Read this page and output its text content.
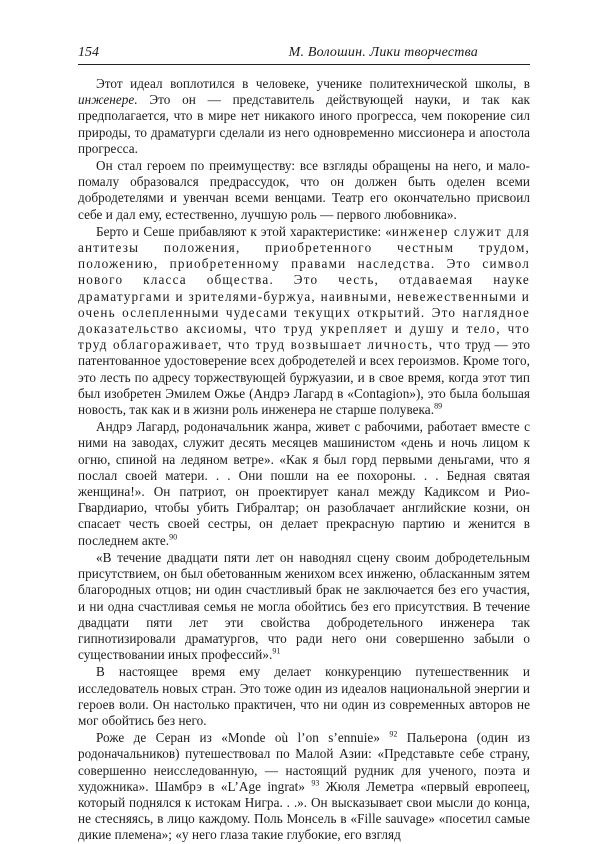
154	М. Волошин. Лики творчества

Этот идеал воплотился в человеке, ученике политехнической школы, в инженере. Это он — представитель действующей науки, и так как предполагается, что в мире нет никакого иного прогресса, чем покорение сил природы, то драматурги сделали из него одновременно миссионера и апостола прогресса.

Он стал героем по преимуществу: все взгляды обращены на него, и мало-помалу образовался предрассудок, что он должен быть оделен всеми добродетелями и увенчан всеми венцами. Театр его окончательно присвоил себе и дал ему, естественно, лучшую роль — первого любовника».

Берто и Сеше прибавляют к этой характеристике: «инженер служит для антитезы положения, приобретенного честным трудом, положению, приобретенному правами наследства. Это символ нового класса общества. Это честь, отдаваемая науке драматургами и зрителями-буржуа, наивными, невежественными и очень ослепленными чудесами текущих открытий. Это наглядное доказательство аксиомы, что труд укрепляет и душу и тело, что труд облагораживает, что труд возвышает личность, что труд — это патентованное удостоверение всех добродетелей и всех героизмов. Кроме того, это лесть по адресу торжествующей буржуазии, и в свое время, когда этот тип был изобретен Эмилем Ожье (Андрэ Лагард в «Contagion»), это была большая новость, так как и в жизни роль инженера не старше полувека.$^{89}$

Андрэ Лагард, родоначальник жанра, живет с рабочими, работает вместе с ними на заводах, служит десять месяцев машинистом «день и ночь лицом к огню, спиной на ледяном ветре». «Как я был горд первыми деньгами, что я послал своей матери. . . Они пошли на ее похороны. . . Бедная святая женщина!». Он патриот, он проектирует канал между Кадиксом и Рио-Гвардиарио, чтобы убить Гибралтар; он разоблачает английские козни, он спасает честь своей сестры, он делает прекрасную партию и женится в последнем акте.$^{90}$

«В течение двадцати пяти лет он наводнял сцену своим добродетельным присутствием, он был обетованным женихом всех инженю, обласканным зятем благородных отцов; ни один счастливый брак не заключается без его участия, и ни одна счастливая семья не могла обойтись без его присутствия. В течение двадцати пяти лет эти свойства добродетельного инженера так гипнотизировали драматургов, что ради него они совершенно забыли о существовании иных профессий».$^{91}$

В настоящее время ему делает конкуренцию путешественник и исследователь новых стран. Это тоже один из идеалов национальной энергии и героев воли. Он настолько практичен, что ни один из современных авторов не мог обойтись без него.

Роже де Серан из «Monde où l’on s’ennuie» $^{92}$ Пальерона (один из родоначальников) путешествовал по Малой Азии: «Представьте себе страну, совершенно неисследованную, — настоящий рудник для ученого, поэта и художника». Шамбрэ в «L’Age ingrat» $^{93}$ Жюля Леметра «первый европеец, который поднялся к истокам Нигра. . .». Он высказывает свои мысли до конца, не стесняясь, в лицо каждому. Поль Монсель в «Fille sauvage» «посетил самые дикие племена»; «у него глаза такие глубокие, его взгляд
